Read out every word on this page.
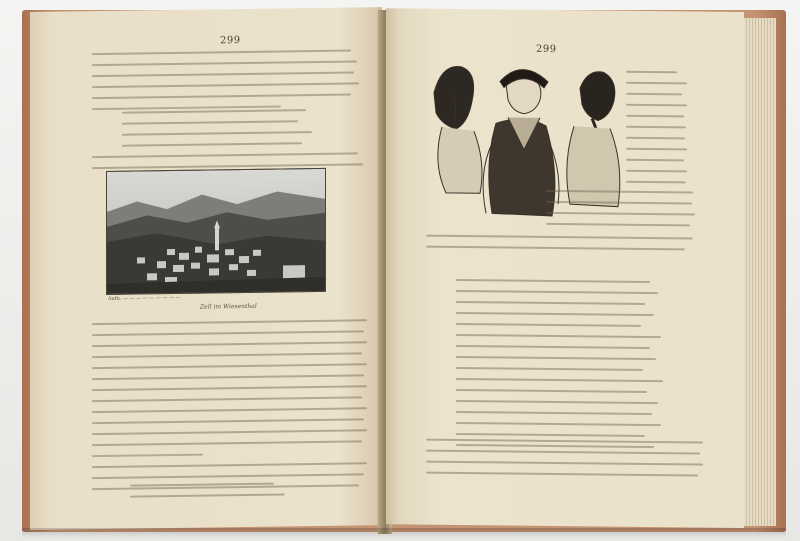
299
Aufn. — — — — — — — — —
Zell im Wiesenthal
299
